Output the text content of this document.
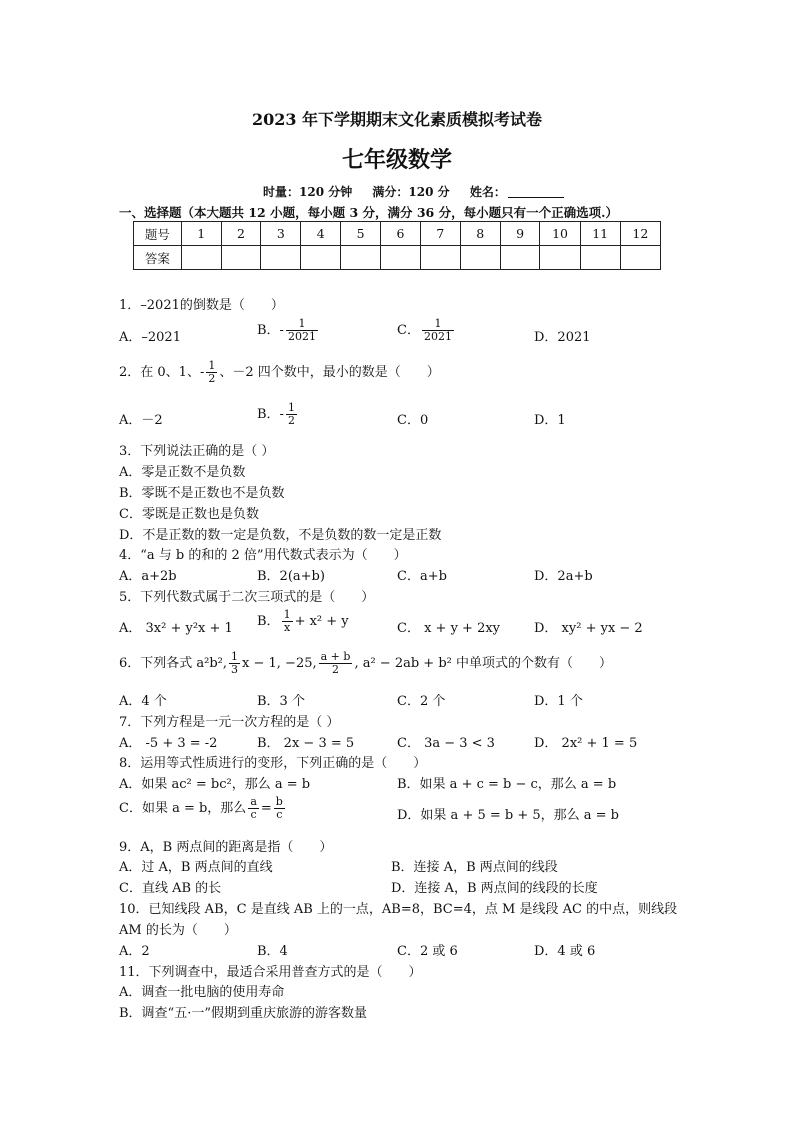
2023 年下学期期末文化素质模拟考试卷
七年级数学
时量：120 分钟 满分：120 分 姓名：
一、选择题（本大题共 12 小题，每小题 3 分，满分 36 分，每小题只有一个正确选项.）
题号	1	2	3	4	5	6	7	8	9	10	11	12
答案												
1．–2021的倒数是（　　）
A．–2021	B．- $\frac{1}{2021}$	C． $\frac{1}{2021}$	D．2021
2．在 0、1、- $\frac{1}{2}$ 、－2 四个数中，最小的数是（　　）
A．－2	B．- $\frac{1}{2}$	C．0	D．1
3．下列说法正确的是（ ）
A．零是正数不是负数
B．零既不是正数也不是负数
C．零既是正数也是负数
D．不是正数的数一定是负数，不是负数的数一定是正数
4．“a 与 b 的和的 2 倍”用代数式表示为（　　）
A．a+2b	B．2(a+b)	C．a+b	D．2a+b
5．下列代数式属于二次三项式的是（　　）
A． 3x² + y²x + 1 B． $\frac{1}{x} + x^2 + y$	C． x + y + 2xy	D． xy² + yx − 2
6．下列各式 a²b², $\frac{1}{3}$ x − 1, −25, $\frac{a + b}{2}$ , a² − 2ab + b² 中单项式的个数有（　　）
A．4 个	B．3 个	C．2 个	D．1 个
7．下列方程是一元一次方程的是（ ）
A． -5 + 3 = -2	B． 2x − 3 = 5	C． 3a − 3 < 3	D． 2x² + 1 = 5
8．运用等式性质进行的变形，下列正确的是（　　）
A．如果 ac² = bc²，那么 a = b	B．如果 a + c = b − c，那么 a = b
C．如果 a = b，那么 $\frac{a}{c} = \frac{b}{c}$	D．如果 a + 5 = b + 5，那么 a = b
9．A，B 两点间的距离是指（　　）
A．过 A，B 两点间的直线	B．连接 A，B 两点间的线段
C．直线 AB 的长	D．连接 A，B 两点间的线段的长度
10．已知线段 AB，C 是直线 AB 上的一点，AB=8，BC=4，点 M 是线段 AC 的中点，则线段
AM 的长为（　　）
A．2	B．4	C．2 或 6	D．4 或 6
11．下列调查中，最适合采用普查方式的是（　　）
A．调查一批电脑的使用寿命
B．调查“五·一”假期到重庆旅游的游客数量
